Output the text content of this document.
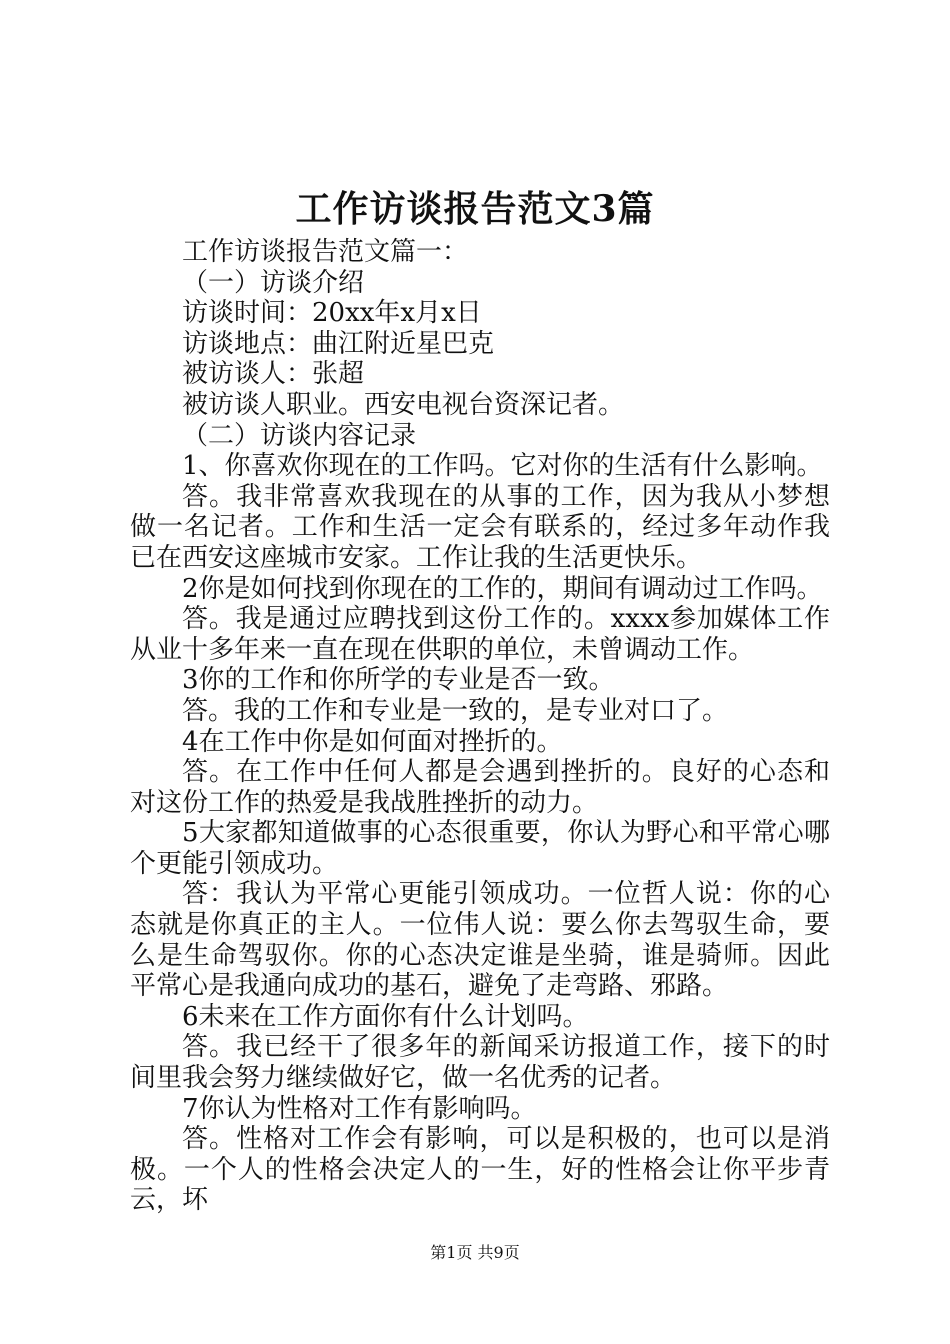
工作访谈报告范文3篇

工作访谈报告范文篇一：

（一）访谈介绍

访谈时间：20xx年x月x日

访谈地点：曲江附近星巴克

被访谈人：张超

被访谈人职业。西安电视台资深记者。

（二）访谈内容记录

1、你喜欢你现在的工作吗。它对你的生活有什么影响。

答。我非常喜欢我现在的从事的工作，因为我从小梦想做一名记者。工作和生活一定会有联系的，经过多年动作我已在西安这座城市安家。工作让我的生活更快乐。

2你是如何找到你现在的工作的，期间有调动过工作吗。

答。我是通过应聘找到这份工作的。xxxx参加媒体工作从业十多年来一直在现在供职的单位，未曾调动工作。

3你的工作和你所学的专业是否一致。

答。我的工作和专业是一致的，是专业对口了。

4在工作中你是如何面对挫折的。

答。在工作中任何人都是会遇到挫折的。良好的心态和对这份工作的热爱是我战胜挫折的动力。

5大家都知道做事的心态很重要，你认为野心和平常心哪个更能引领成功。

答：我认为平常心更能引领成功。一位哲人说：你的心态就是你真正的主人。一位伟人说：要么你去驾驭生命，要么是生命驾驭你。你的心态决定谁是坐骑，谁是骑师。因此平常心是我通向成功的基石，避免了走弯路、邪路。

6未来在工作方面你有什么计划吗。

答。我已经干了很多年的新闻采访报道工作，接下的时间里我会努力继续做好它，做一名优秀的记者。

7你认为性格对工作有影响吗。

答。性格对工作会有影响，可以是积极的，也可以是消极。一个人的性格会决定人的一生，好的性格会让你平步青云，坏

第1页 共9页
